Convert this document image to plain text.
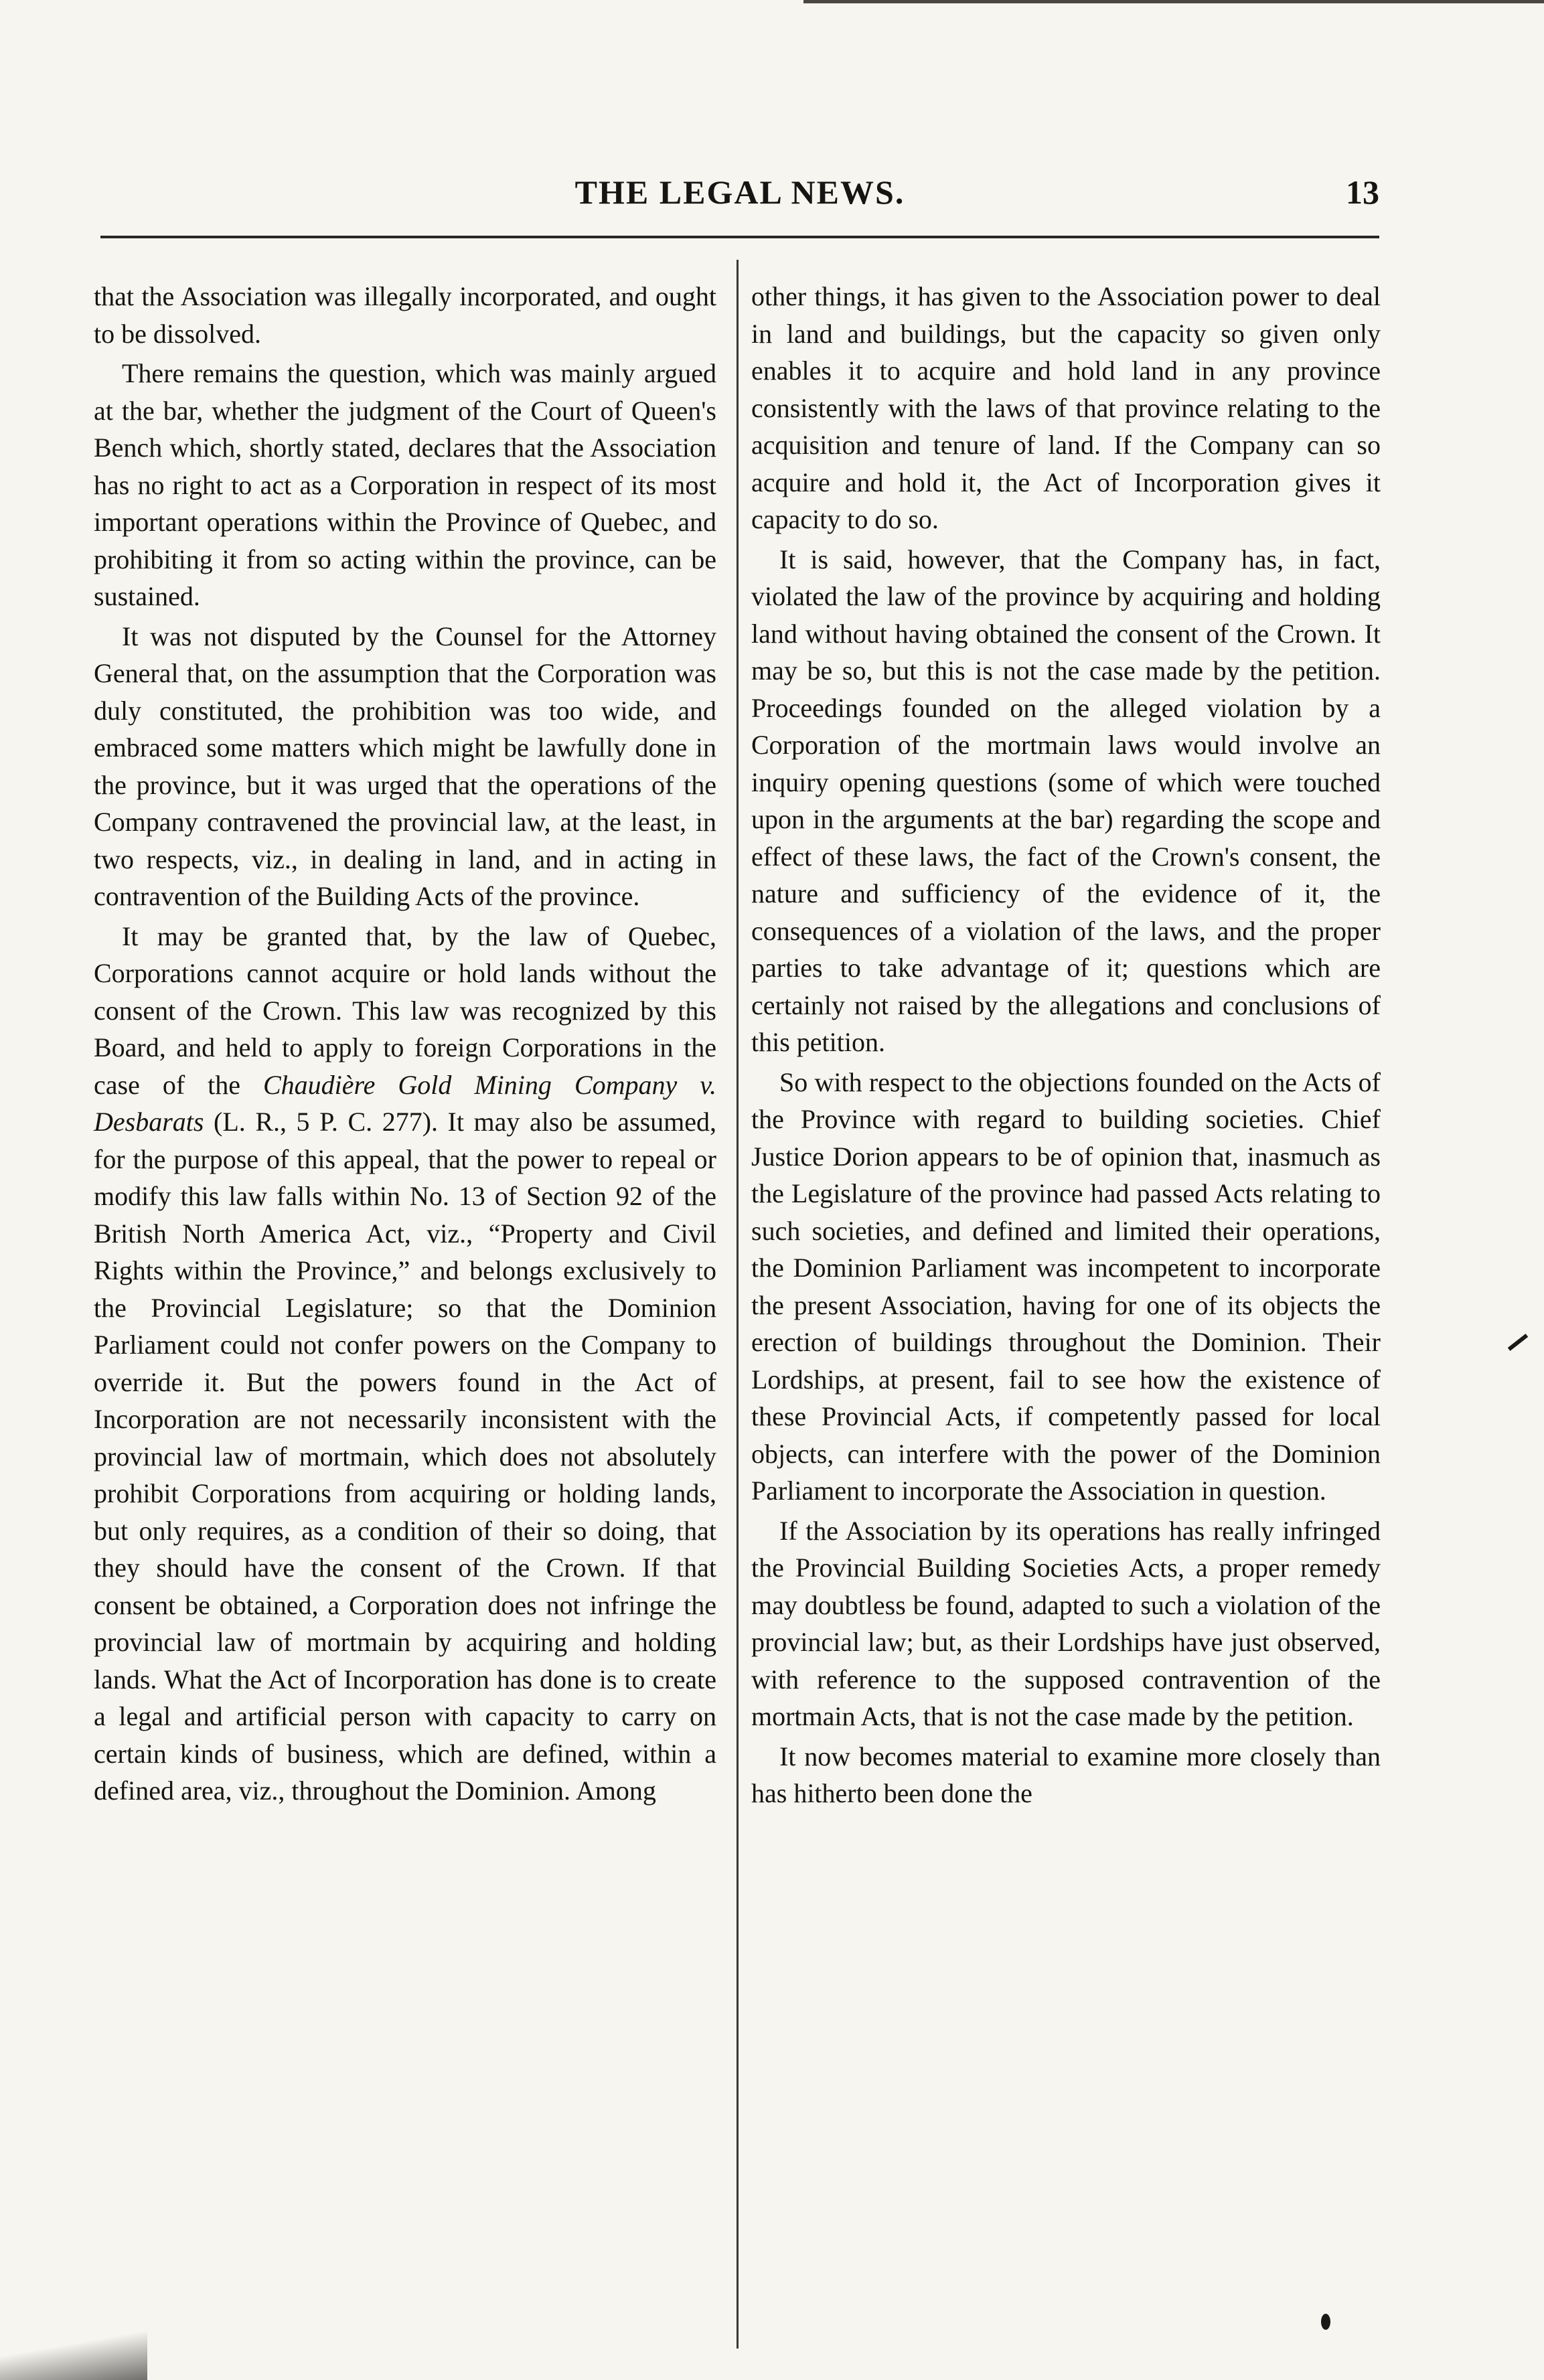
THE LEGAL NEWS.	13

that the Association was illegally incorporated, and ought to be dissolved.

There remains the question, which was mainly argued at the bar, whether the judgment of the Court of Queen's Bench which, shortly stated, declares that the Association has no right to act as a Corporation in respect of its most important operations within the Province of Quebec, and prohibiting it from so acting within the province, can be sustained.

It was not disputed by the Counsel for the Attorney General that, on the assumption that the Corporation was duly constituted, the prohibition was too wide, and embraced some matters which might be lawfully done in the province, but it was urged that the operations of the Company contravened the provincial law, at the least, in two respects, viz., in dealing in land, and in acting in contravention of the Building Acts of the province.

It may be granted that, by the law of Quebec, Corporations cannot acquire or hold lands without the consent of the Crown. This law was recognized by this Board, and held to apply to foreign Corporations in the case of the Chaudière Gold Mining Company v. Desbarats (L. R., 5 P. C. 277). It may also be assumed, for the purpose of this appeal, that the power to repeal or modify this law falls within No. 13 of Section 92 of the British North America Act, viz., “Property and Civil Rights within the Province,” and belongs exclusively to the Provincial Legislature; so that the Dominion Parliament could not confer powers on the Company to override it. But the powers found in the Act of Incorporation are not necessarily inconsistent with the provincial law of mortmain, which does not absolutely prohibit Corporations from acquiring or holding lands, but only requires, as a condition of their so doing, that they should have the consent of the Crown. If that consent be obtained, a Corporation does not infringe the provincial law of mortmain by acquiring and holding lands. What the Act of Incorporation has done is to create a legal and artificial person with capacity to carry on certain kinds of business, which are defined, within a defined area, viz., throughout the Dominion. Among

other things, it has given to the Association power to deal in land and buildings, but the capacity so given only enables it to acquire and hold land in any province consistently with the laws of that province relating to the acquisition and tenure of land. If the Company can so acquire and hold it, the Act of Incorporation gives it capacity to do so.

It is said, however, that the Company has, in fact, violated the law of the province by acquiring and holding land without having obtained the consent of the Crown. It may be so, but this is not the case made by the petition. Proceedings founded on the alleged violation by a Corporation of the mortmain laws would involve an inquiry opening questions (some of which were touched upon in the arguments at the bar) regarding the scope and effect of these laws, the fact of the Crown's consent, the nature and sufficiency of the evidence of it, the consequences of a violation of the laws, and the proper parties to take advantage of it; questions which are certainly not raised by the allegations and conclusions of this petition.

So with respect to the objections founded on the Acts of the Province with regard to building societies. Chief Justice Dorion appears to be of opinion that, inasmuch as the Legislature of the province had passed Acts relating to such societies, and defined and limited their operations, the Dominion Parliament was incompetent to incorporate the present Association, having for one of its objects the erection of buildings throughout the Dominion. Their Lordships, at present, fail to see how the existence of these Provincial Acts, if competently passed for local objects, can interfere with the power of the Dominion Parliament to incorporate the Association in question.

If the Association by its operations has really infringed the Provincial Building Societies Acts, a proper remedy may doubtless be found, adapted to such a violation of the provincial law; but, as their Lordships have just observed, with reference to the supposed contravention of the mortmain Acts, that is not the case made by the petition.

It now becomes material to examine more closely than has hitherto been done the
